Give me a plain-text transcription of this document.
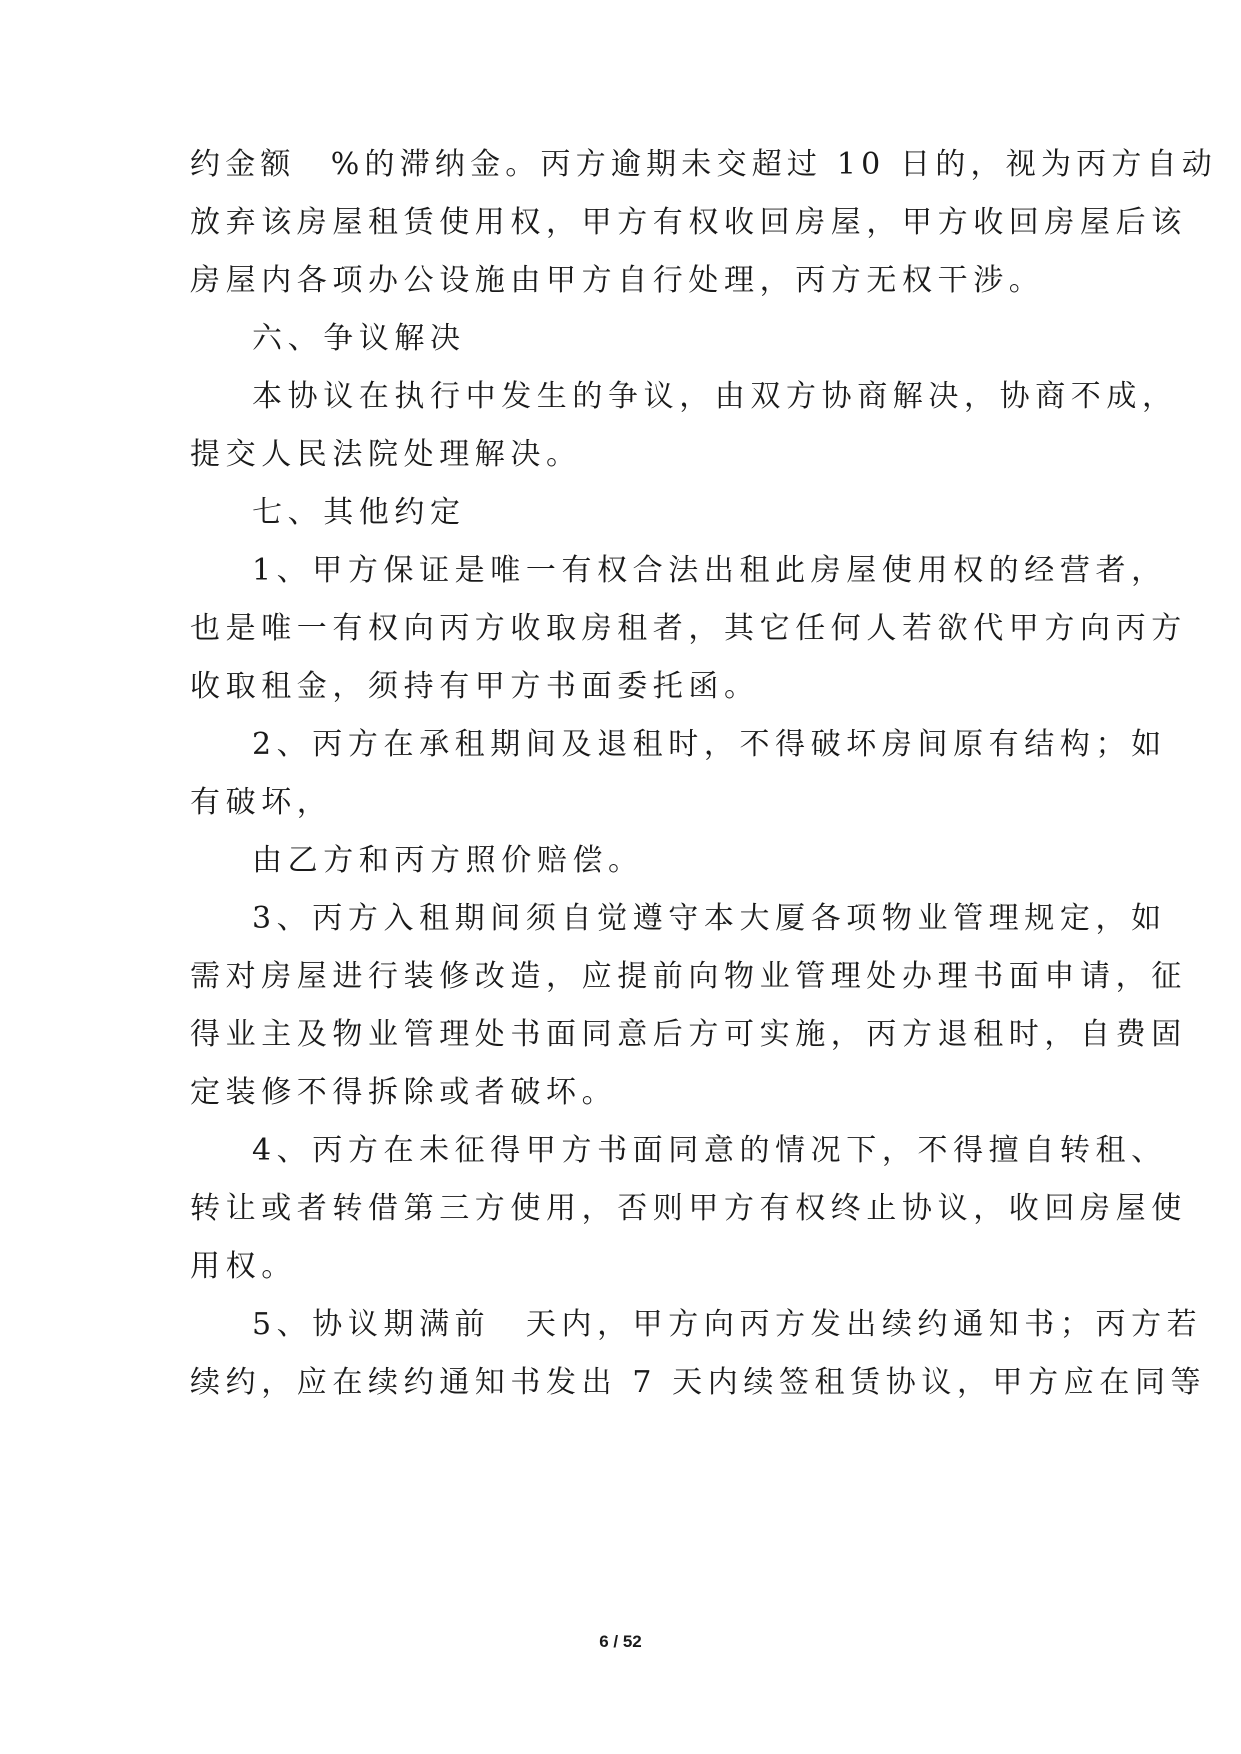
约金额　%的滞纳金。丙方逾期未交超过 10 日的，视为丙方自动
放弃该房屋租赁使用权，甲方有权收回房屋，甲方收回房屋后该
房屋内各项办公设施由甲方自行处理，丙方无权干涉。
六、争议解决
本协议在执行中发生的争议，由双方协商解决，协商不成，
提交人民法院处理解决。
七、其他约定
1、甲方保证是唯一有权合法出租此房屋使用权的经营者，
也是唯一有权向丙方收取房租者，其它任何人若欲代甲方向丙方
收取租金，须持有甲方书面委托函。
2、丙方在承租期间及退租时，不得破坏房间原有结构；如
有破坏，
由乙方和丙方照价赔偿。
3、丙方入租期间须自觉遵守本大厦各项物业管理规定，如
需对房屋进行装修改造，应提前向物业管理处办理书面申请，征
得业主及物业管理处书面同意后方可实施，丙方退租时，自费固
定装修不得拆除或者破坏。
4、丙方在未征得甲方书面同意的情况下，不得擅自转租、
转让或者转借第三方使用，否则甲方有权终止协议，收回房屋使
用权。
5、协议期满前　天内，甲方向丙方发出续约通知书；丙方若
续约，应在续约通知书发出 7 天内续签租赁协议，甲方应在同等
6 / 52
